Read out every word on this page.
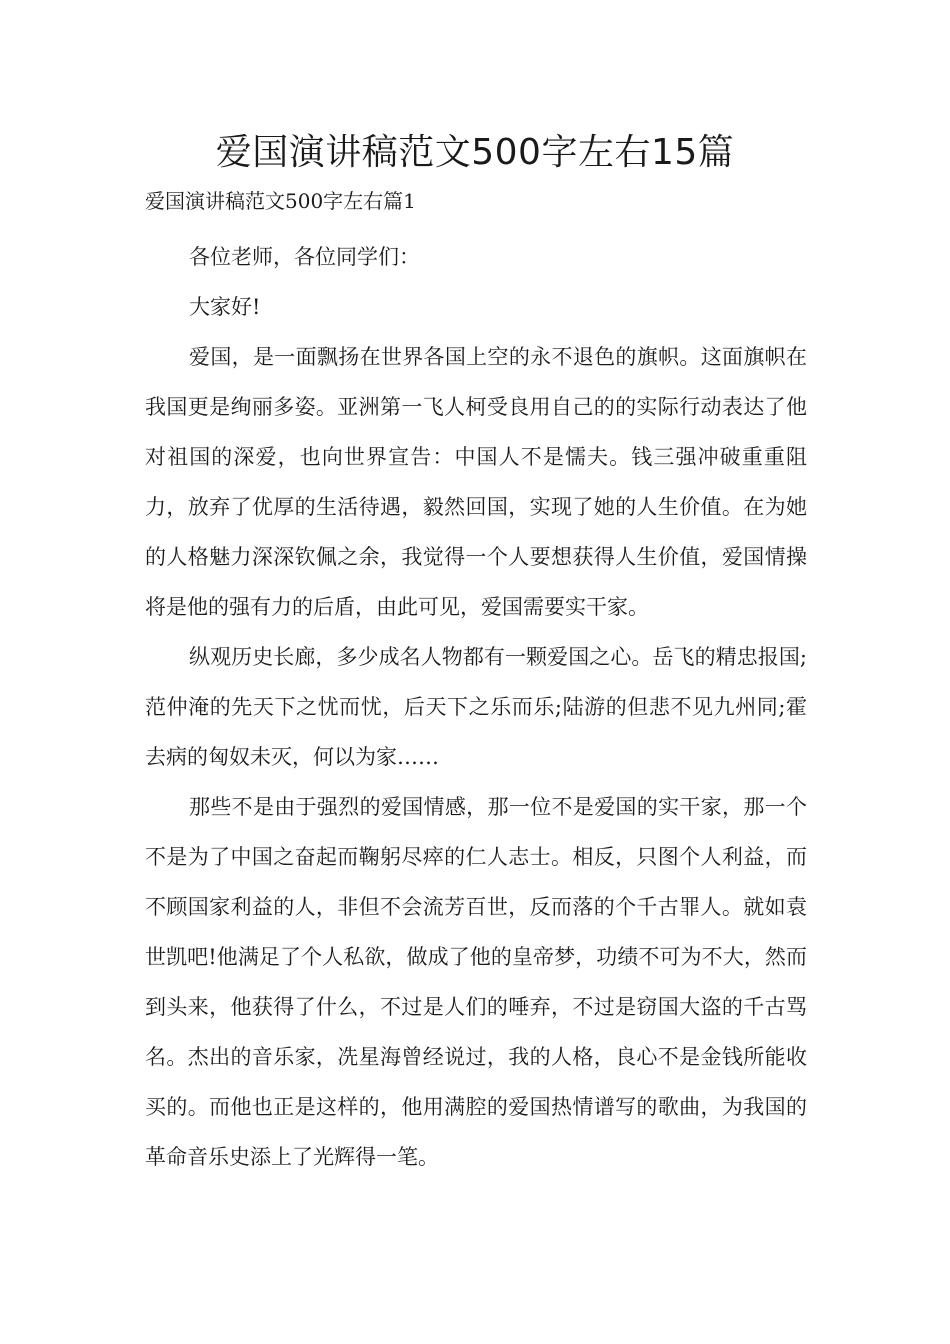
爱国演讲稿范文500字左右15篇

爱国演讲稿范文500字左右篇1

各位老师，各位同学们：

大家好!

爱国，是一面飘扬在世界各国上空的永不退色的旗帜。这面旗帜在我国更是绚丽多姿。亚洲第一飞人柯受良用自己的的实际行动表达了他对祖国的深爱，也向世界宣告：中国人不是懦夫。钱三强冲破重重阻力，放弃了优厚的生活待遇，毅然回国，实现了她的人生价值。在为她的人格魅力深深钦佩之余，我觉得一个人要想获得人生价值，爱国情操将是他的强有力的后盾，由此可见，爱国需要实干家。

纵观历史长廊，多少成名人物都有一颗爱国之心。岳飞的精忠报国;范仲淹的先天下之忧而忧，后天下之乐而乐;陆游的但悲不见九州同;霍去病的匈奴未灭，何以为家……

那些不是由于强烈的爱国情感，那一位不是爱国的实干家，那一个不是为了中国之奋起而鞠躬尽瘁的仁人志士。相反，只图个人利益，而不顾国家利益的人，非但不会流芳百世，反而落的个千古罪人。就如袁世凯吧!他满足了个人私欲，做成了他的皇帝梦，功绩不可为不大，然而到头来，他获得了什么，不过是人们的唾弃，不过是窃国大盗的千古骂名。杰出的音乐家，冼星海曾经说过，我的人格，良心不是金钱所能收买的。而他也正是这样的，他用满腔的爱国热情谱写的歌曲，为我国的革命音乐史添上了光辉得一笔。
